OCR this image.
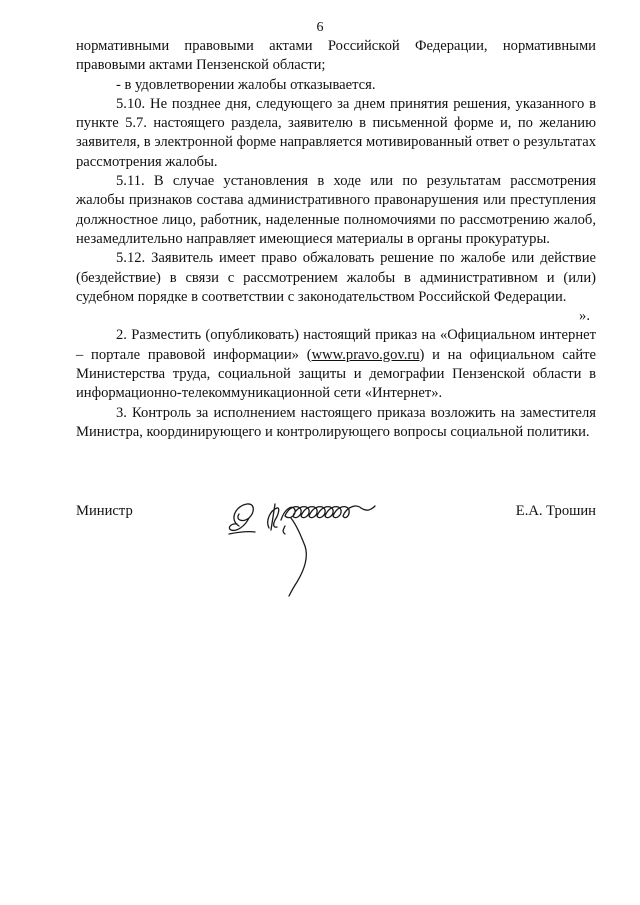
6

нормативными правовыми актами Российской Федерации, нормативными правовыми актами Пензенской области;

- в удовлетворении жалобы отказывается.

5.10. Не позднее дня, следующего за днем принятия решения, указанного в пункте 5.7. настоящего раздела, заявителю в письменной форме и, по желанию заявителя, в электронной форме направляется мотивированный ответ о результатах рассмотрения жалобы.

5.11. В случае установления в ходе или по результатам рассмотрения жалобы признаков состава административного правонарушения или преступления должностное лицо, работник, наделенные полномочиями по рассмотрению жалоб, незамедлительно направляет имеющиеся материалы в органы прокуратуры.

5.12. Заявитель имеет право обжаловать решение по жалобе или действие (бездействие) в связи с рассмотрением жалобы в административном и (или) судебном порядке в соответствии с законодательством Российской Федерации.

».

2. Разместить (опубликовать) настоящий приказ на «Официальном интернет – портале правовой информации» (www.pravo.gov.ru) и на официальном сайте Министерства труда, социальной защиты и демографии Пензенской области в информационно-телекоммуникационной сети «Интернет».

3. Контроль за исполнением настоящего приказа возложить на заместителя Министра, координирующего и контролирующего вопросы социальной политики.

Министр	Е.А. Трошин
